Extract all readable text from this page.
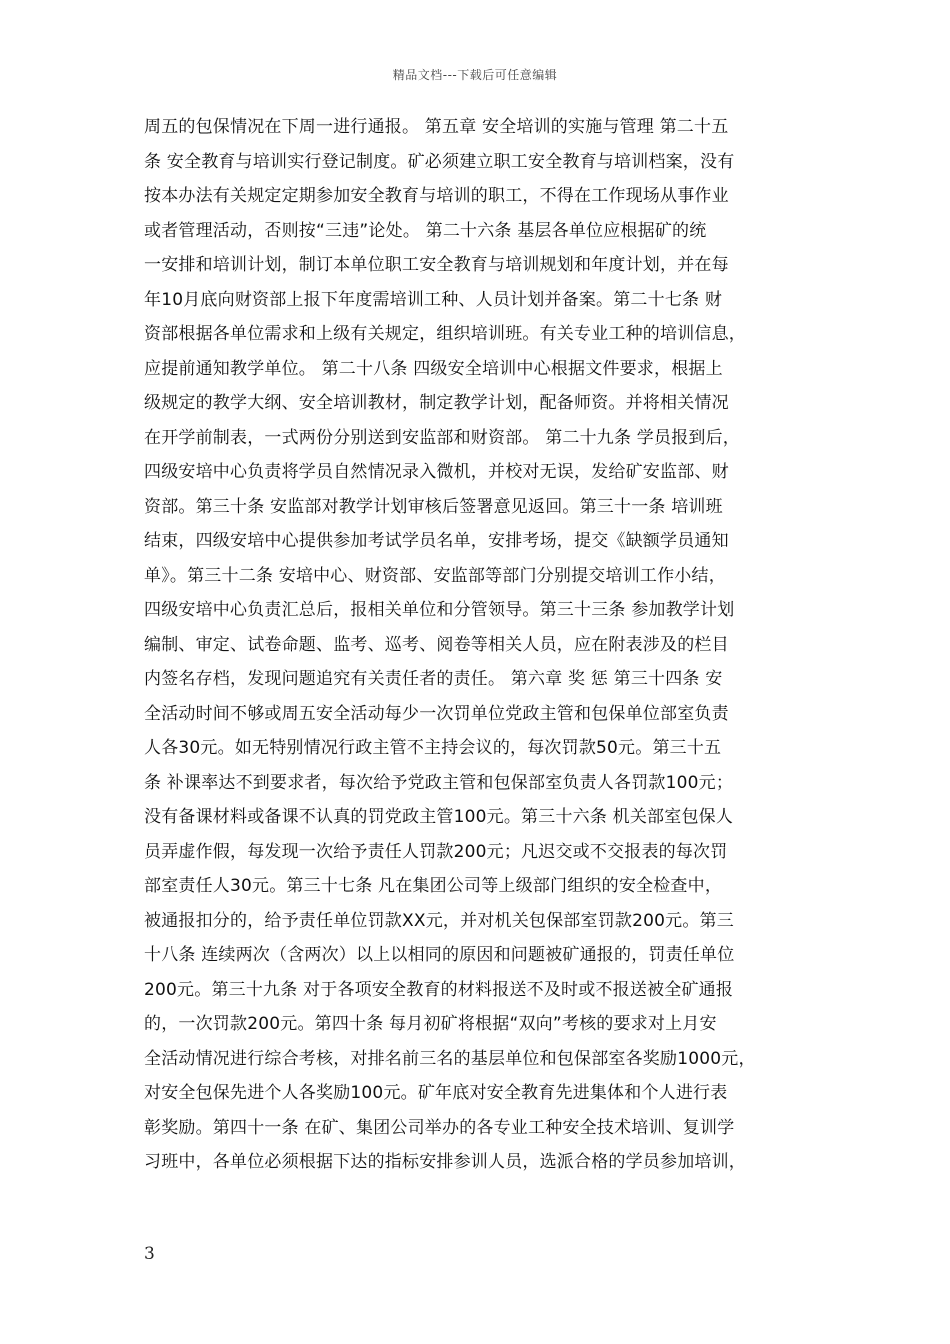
精品文档---下载后可任意编辑
周五的包保情况在下周一进行通报。 第五章 安全培训的实施与管理 第二十五
条 安全教育与培训实行登记制度。矿必须建立职工安全教育与培训档案，没有
按本办法有关规定定期参加安全教育与培训的职工，不得在工作现场从事作业
或者管理活动，否则按“三违”论处。 第二十六条 基层各单位应根据矿的统
一安排和培训计划，制订本单位职工安全教育与培训规划和年度计划，并在每
年10月底向财资部上报下年度需培训工种、人员计划并备案。第二十七条 财
资部根据各单位需求和上级有关规定，组织培训班。有关专业工种的培训信息，
应提前通知教学单位。 第二十八条 四级安全培训中心根据文件要求，根据上
级规定的教学大纲、安全培训教材，制定教学计划，配备师资。并将相关情况
在开学前制表，一式两份分别送到安监部和财资部。 第二十九条 学员报到后，
四级安培中心负责将学员自然情况录入微机，并校对无误，发给矿安监部、财
资部。第三十条 安监部对教学计划审核后签署意见返回。第三十一条 培训班
结束，四级安培中心提供参加考试学员名单，安排考场，提交《缺额学员通知
单》。第三十二条 安培中心、财资部、安监部等部门分别提交培训工作小结，
四级安培中心负责汇总后，报相关单位和分管领导。第三十三条 参加教学计划
编制、审定、试卷命题、监考、巡考、阅卷等相关人员，应在附表涉及的栏目
内签名存档，发现问题追究有关责任者的责任。 第六章 奖 惩 第三十四条 安
全活动时间不够或周五安全活动每少一次罚单位党政主管和包保单位部室负责
人各30元。如无特别情况行政主管不主持会议的，每次罚款50元。第三十五
条 补课率达不到要求者，每次给予党政主管和包保部室负责人各罚款100元；
没有备课材料或备课不认真的罚党政主管100元。第三十六条 机关部室包保人
员弄虚作假，每发现一次给予责任人罚款200元；凡迟交或不交报表的每次罚
部室责任人30元。第三十七条 凡在集团公司等上级部门组织的安全检查中，
被通报扣分的，给予责任单位罚款XX元，并对机关包保部室罚款200元。第三
十八条 连续两次（含两次）以上以相同的原因和问题被矿通报的，罚责任单位
200元。第三十九条 对于各项安全教育的材料报送不及时或不报送被全矿通报
的，一次罚款200元。第四十条 每月初矿将根据“双向”考核的要求对上月安
全活动情况进行综合考核，对排名前三名的基层单位和包保部室各奖励1000元，
对安全包保先进个人各奖励100元。矿年底对安全教育先进集体和个人进行表
彰奖励。第四十一条 在矿、集团公司举办的各专业工种安全技术培训、复训学
习班中，各单位必须根据下达的指标安排参训人员，选派合格的学员参加培训，
3
